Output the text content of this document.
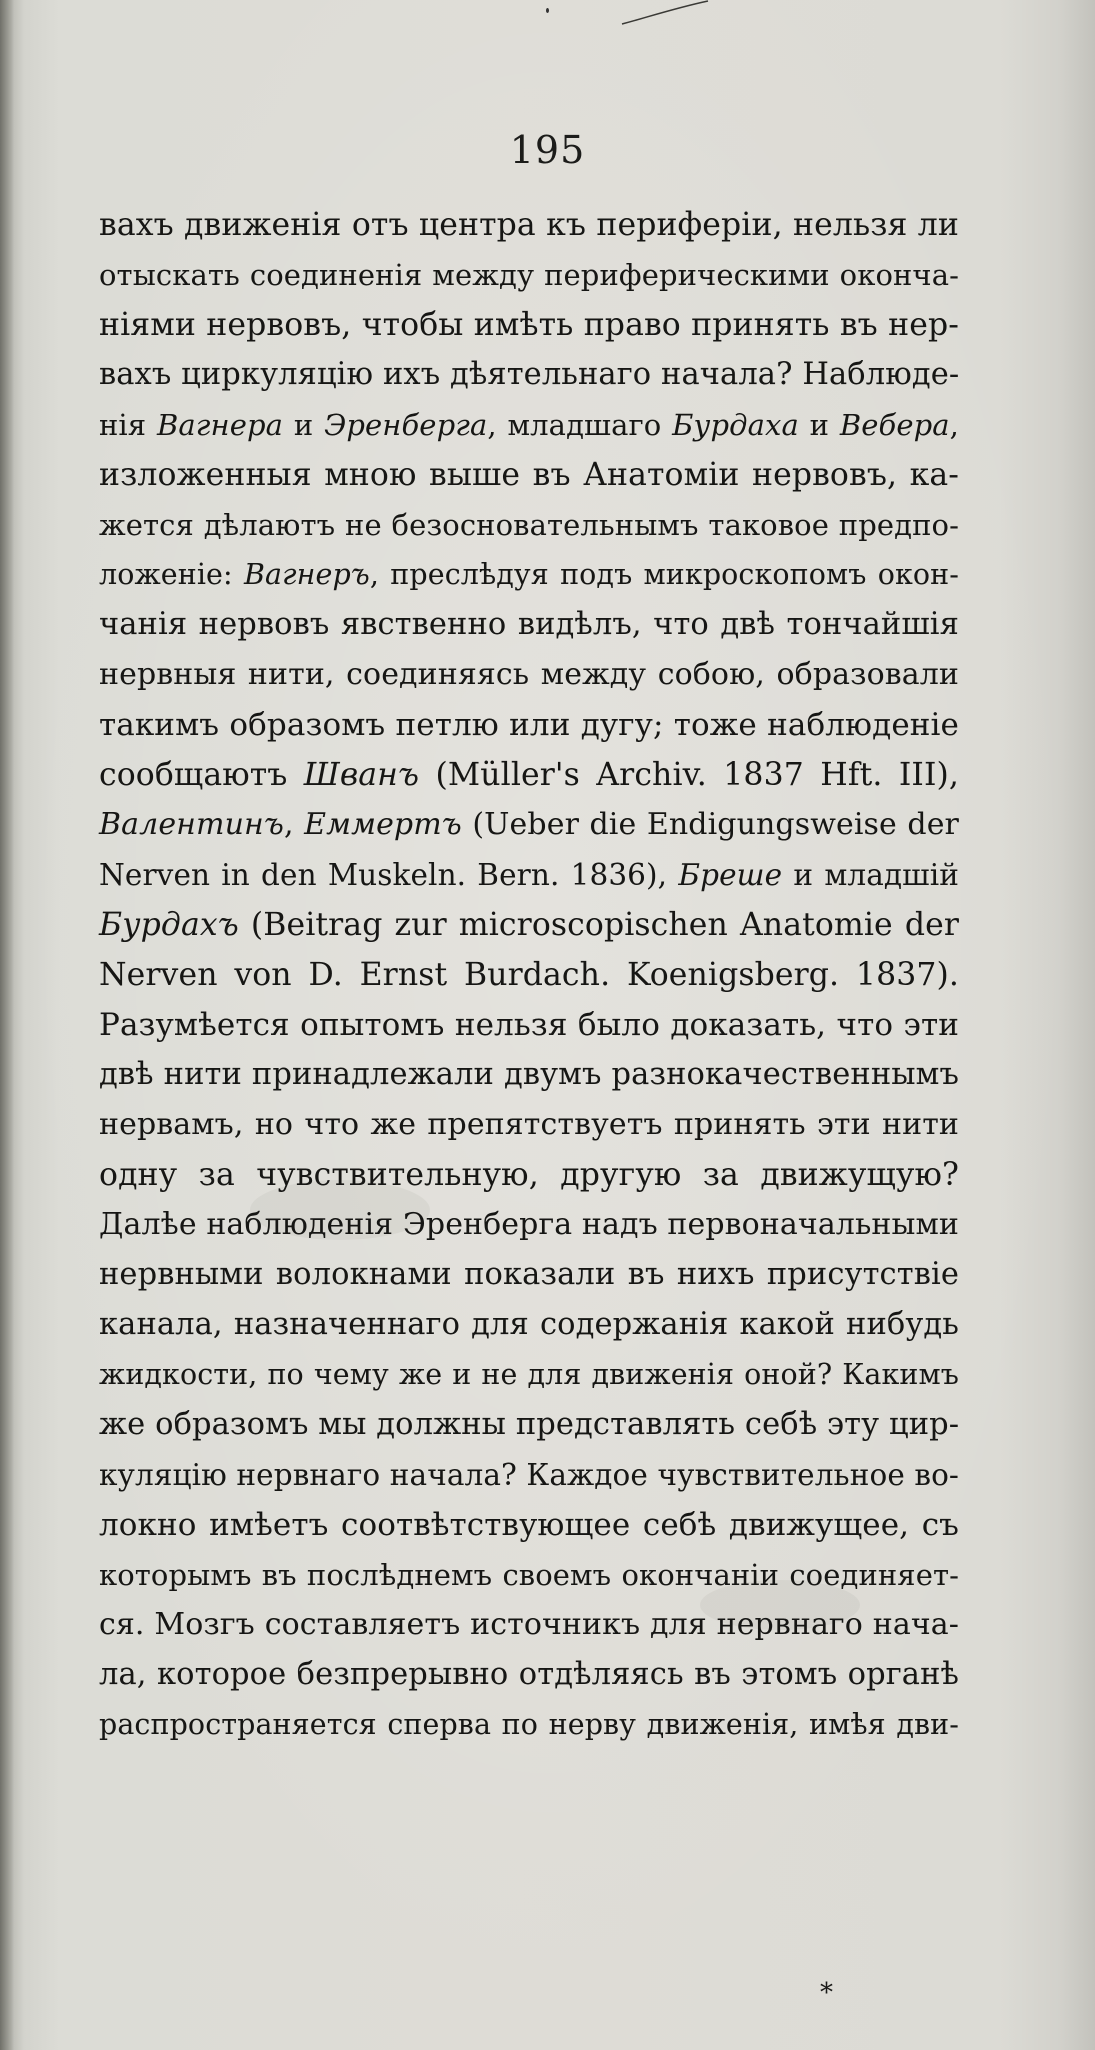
195
вахъ движенія отъ центра къ периферіи, нельзя ли
отыскать соединенія между периферическими оконча-
ніями нервовъ, чтобы имѣть право принять въ нер-
вахъ циркуляцію ихъ дѣятельнаго начала? Наблюде-
нія Вагнера и Эренберга, младшаго Бурдаха и Вебера,
изложенныя мною выше въ Анатоміи нервовъ, ка-
жется дѣлаютъ не безосновательнымъ таковое предпо-
ложеніе: Вагнеръ, преслѣдуя подъ микроскопомъ окон-
чанія нервовъ явственно видѣлъ, что двѣ тончайшія
нервныя нити, соединяясь между собою, образовали
такимъ образомъ петлю или дугу; тоже наблюденіе
сообщаютъ Шванъ (Müller's Archiv. 1837 Hft. III),
Валентинъ, Еммертъ (Ueber die Endigungsweise der
Nerven in den Muskeln. Bern. 1836), Бреше и младшій
Бурдахъ (Beitrag zur microscopischen Anatomie der
Nerven von D. Ernst Burdach. Koenigsberg. 1837).
Разумѣется опытомъ нельзя было доказать, что эти
двѣ нити принадлежали двумъ разнокачественнымъ
нервамъ, но что же препятствуетъ принять эти нити
одну за чувствительную, другую за движущую?
Далѣе наблюденія Эренберга надъ первоначальными
нервными волокнами показали въ нихъ присутствіе
канала, назначеннаго для содержанія какой нибудь
жидкости, по чему же и не для движенія оной? Какимъ
же образомъ мы должны представлять себѣ эту цир-
куляцію нервнаго начала? Каждое чувствительное во-
локно имѣетъ соотвѣтствующее себѣ движущее, съ
которымъ въ послѣднемъ своемъ окончаніи соединяет-
ся. Мозгъ составляетъ источникъ для нервнаго нача-
ла, которое безпрерывно отдѣляясь въ этомъ органѣ
распространяется сперва по нерву движенія, имѣя дви-
*
